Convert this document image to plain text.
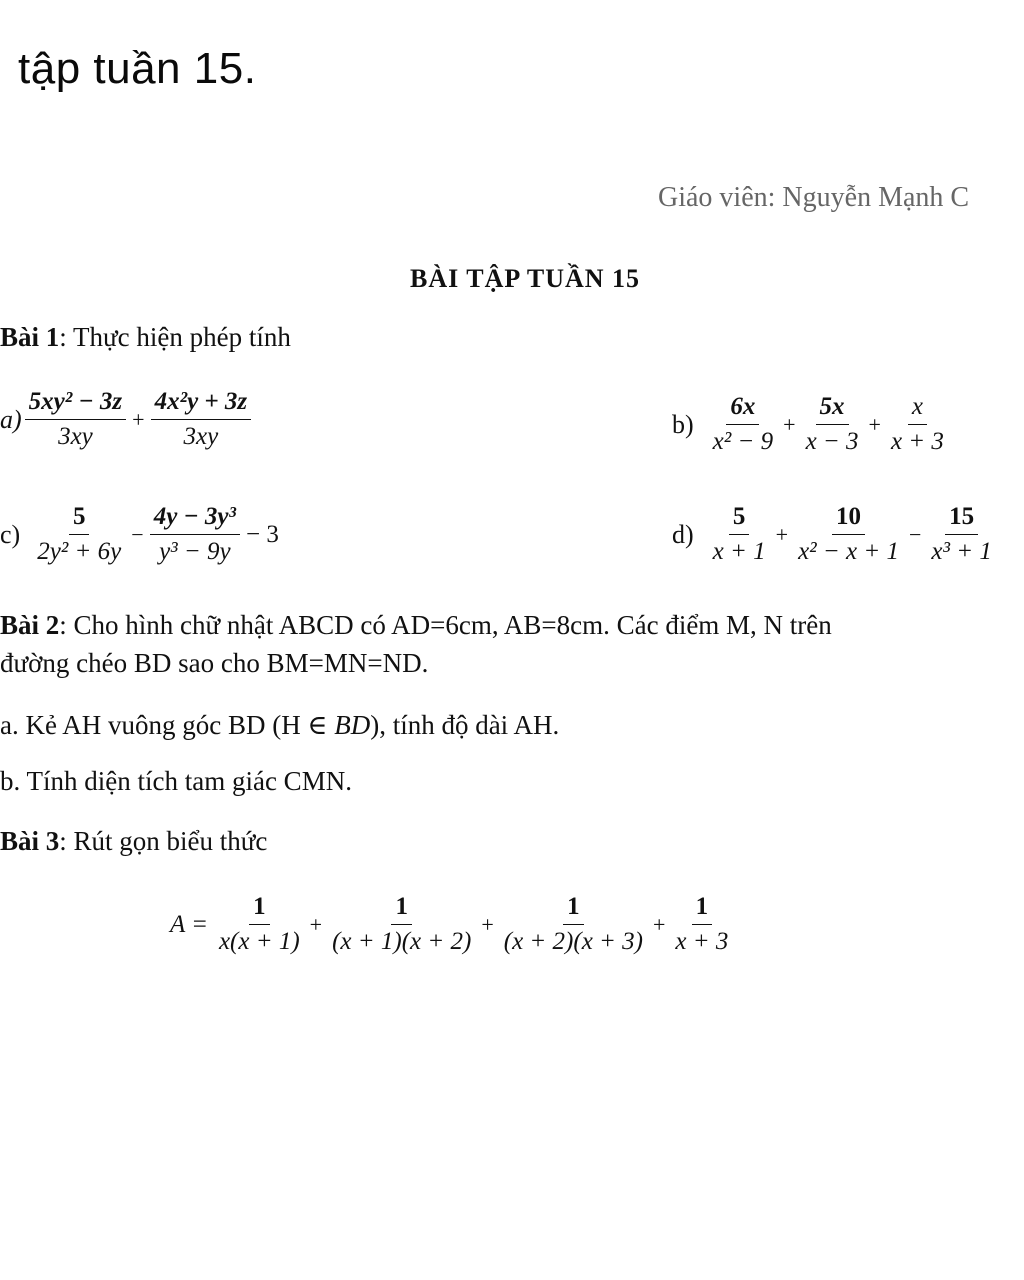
tập tuần 15.
Giáo viên: Nguyễn Mạnh C
BÀI TẬP TUẦN 15
Bài 1: Thực hiện phép tính
$a) \frac{\text{5xy² − 3z}}{3xy} + \frac{\text{4x²y + 3z}}{3xy}$	$b) \frac{6x}{\text{x² − 9}} + \frac{5x}{x - 3} + \frac{x}{x + 3}$
$c) \frac{5}{\text{2y² + 6y}} - \frac{\text{4y − 3y³}}{\text{y³ − 9y}} - 3$	$d) \frac{5}{x + 1} + \frac{10}{\text{x² − x + 1}} - \frac{15}{\text{x³ + 1}}$
Bài 2: Cho hình chữ nhật ABCD có AD=6cm, AB=8cm. Các điểm M, N trên
đường chéo BD sao cho BM=MN=ND.
a. Kẻ AH vuông góc BD (H ∈ BD), tính độ dài AH.
b. Tính diện tích tam giác CMN.
Bài 3: Rút gọn biểu thức
$A = \frac{1}{x(x + 1)} + \frac{1}{(x + 1)(x + 2)} + \frac{1}{(x + 2)(x + 3)} + \frac{1}{x + 3}$
